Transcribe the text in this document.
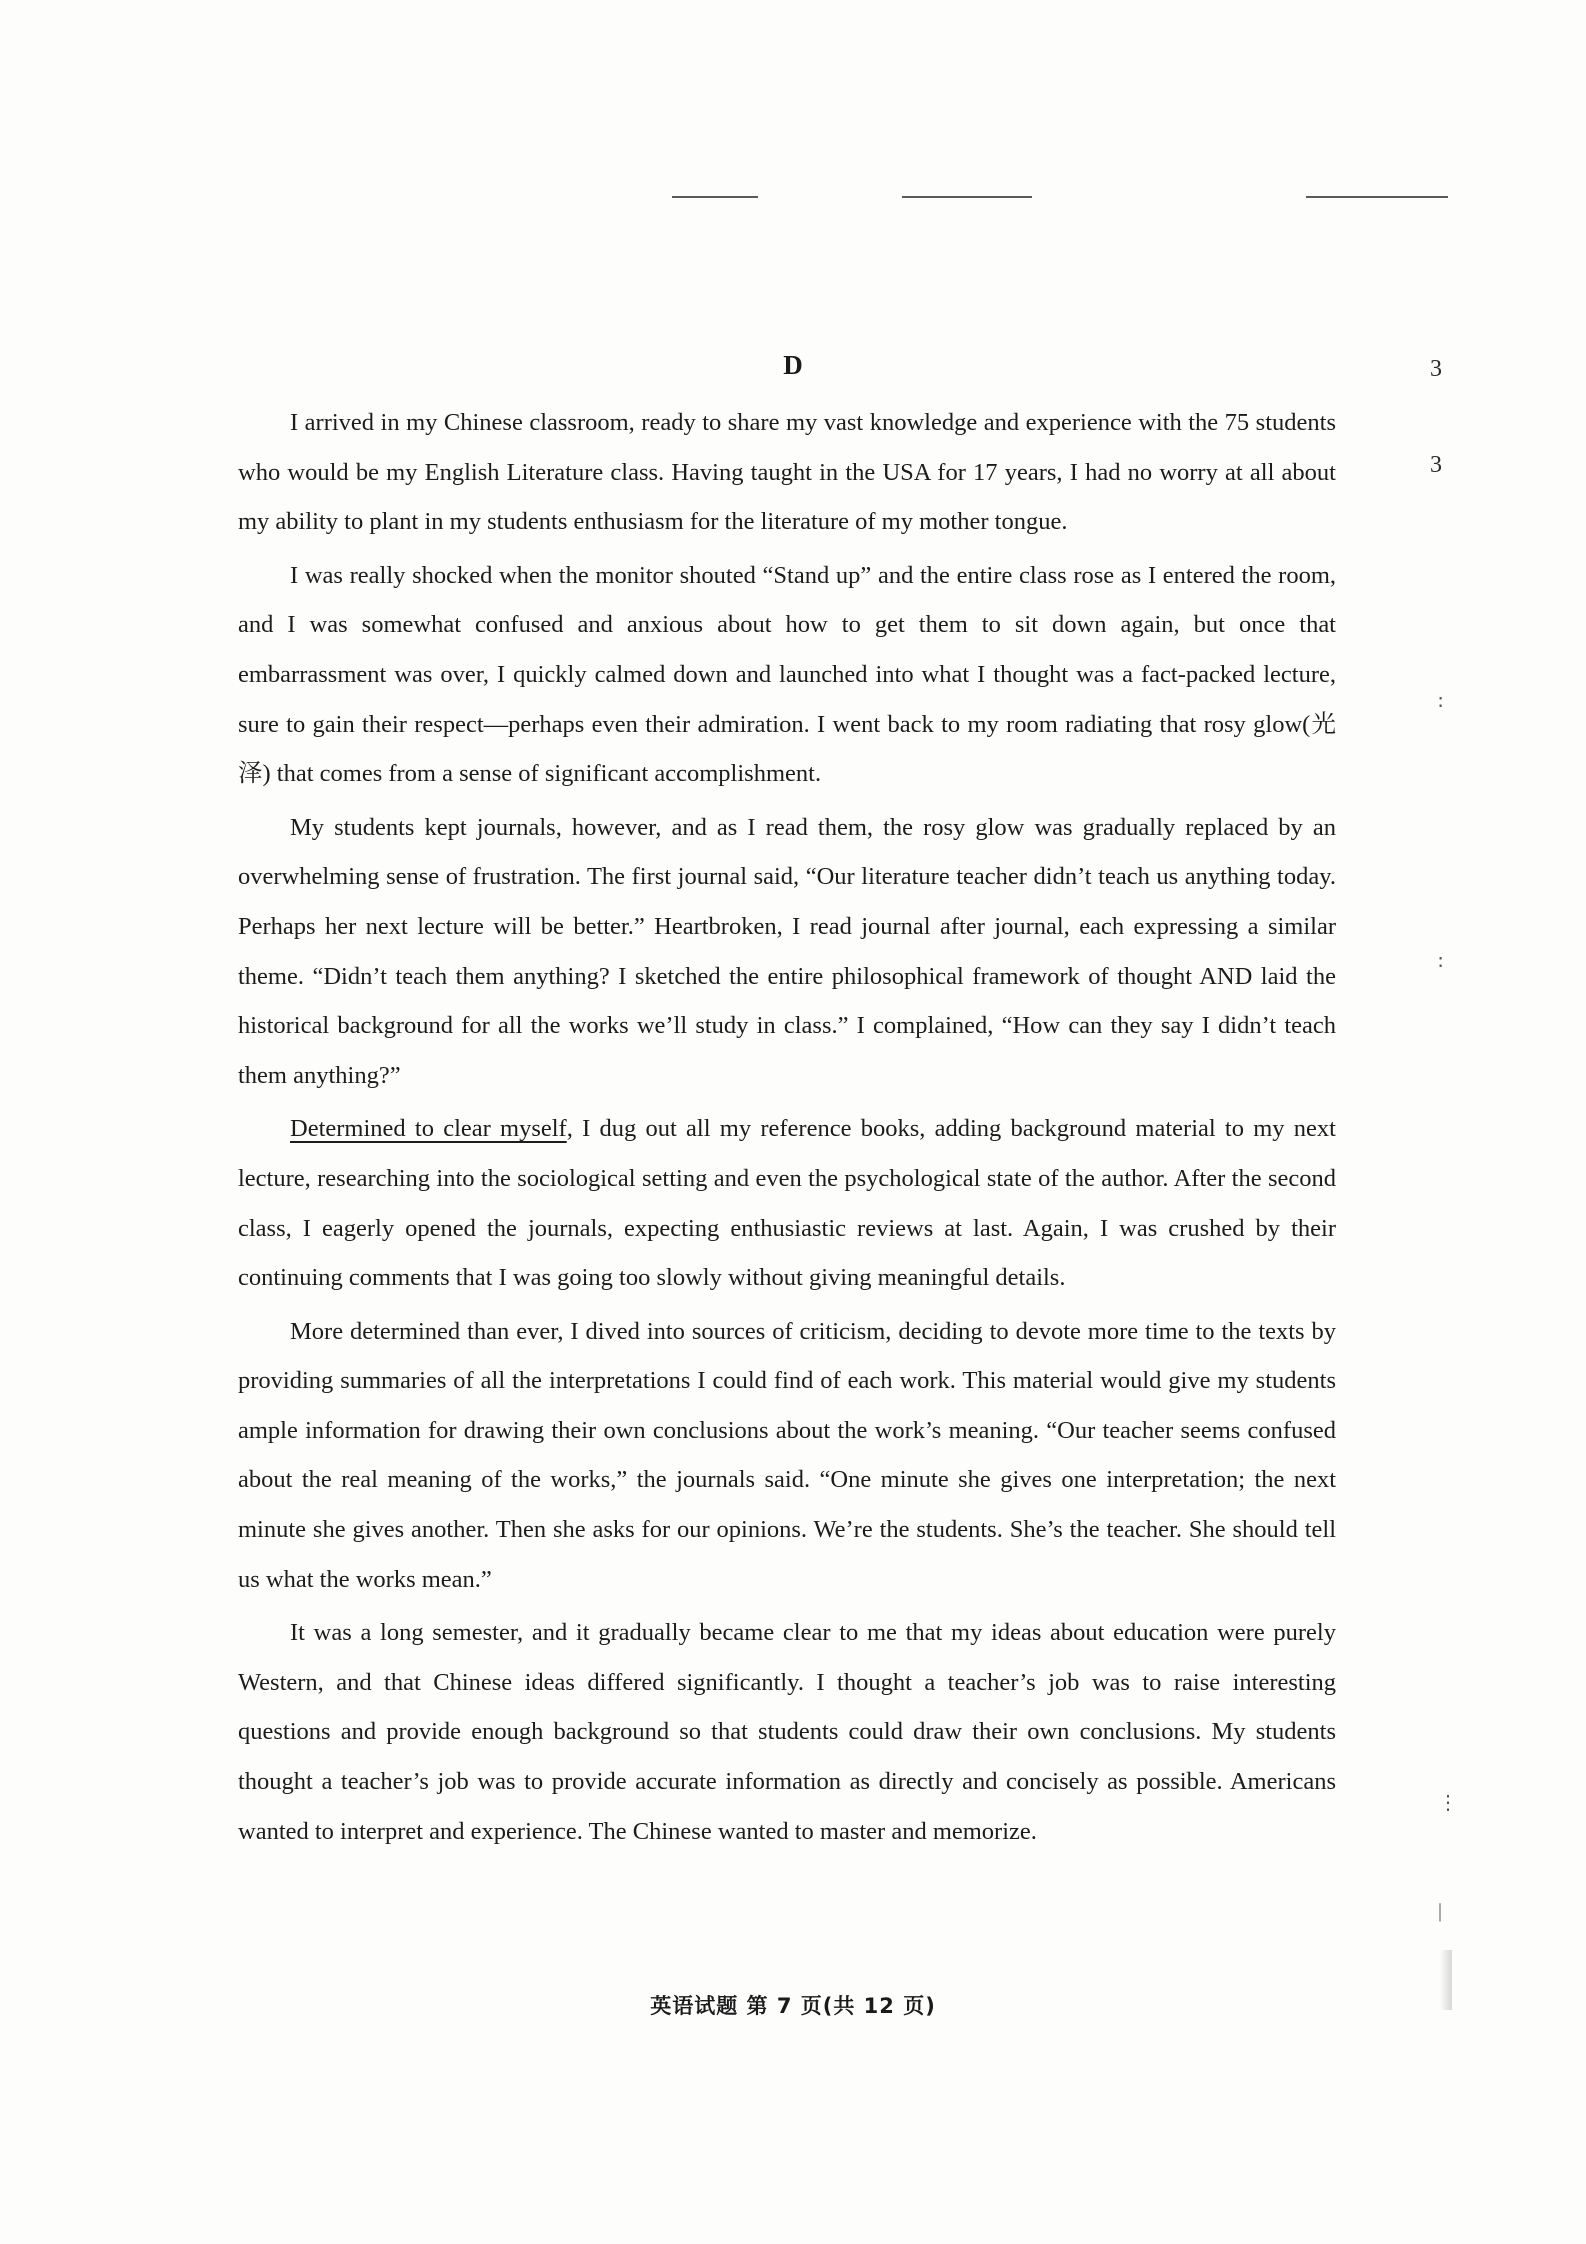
D

I arrived in my Chinese classroom, ready to share my vast knowledge and experience with the 75 students who would be my English Literature class. Having taught in the USA for 17 years, I had no worry at all about my ability to plant in my students enthusiasm for the literature of my mother tongue.

I was really shocked when the monitor shouted “Stand up” and the entire class rose as I entered the room, and I was somewhat confused and anxious about how to get them to sit down again, but once that embarrassment was over, I quickly calmed down and launched into what I thought was a fact-packed lecture, sure to gain their respect—perhaps even their admiration. I went back to my room radiating that rosy glow(光泽) that comes from a sense of significant accomplishment.

My students kept journals, however, and as I read them, the rosy glow was gradually replaced by an overwhelming sense of frustration. The first journal said, “Our literature teacher didn’t teach us anything today. Perhaps her next lecture will be better.” Heartbroken, I read journal after journal, each expressing a similar theme. “Didn’t teach them anything? I sketched the entire philosophical framework of thought AND laid the historical background for all the works we’ll study in class.” I complained, “How can they say I didn’t teach them anything?”

Determined to clear myself, I dug out all my reference books, adding background material to my next lecture, researching into the sociological setting and even the psychological state of the author. After the second class, I eagerly opened the journals, expecting enthusiastic reviews at last. Again, I was crushed by their continuing comments that I was going too slowly without giving meaningful details.

More determined than ever, I dived into sources of criticism, deciding to devote more time to the texts by providing summaries of all the interpretations I could find of each work. This material would give my students ample information for drawing their own conclusions about the work’s meaning. “Our teacher seems confused about the real meaning of the works,” the journals said. “One minute she gives one interpretation; the next minute she gives another. Then she asks for our opinions. We’re the students. She’s the teacher. She should tell us what the works mean.”

It was a long semester, and it gradually became clear to me that my ideas about education were purely Western, and that Chinese ideas differed significantly. I thought a teacher’s job was to raise interesting questions and provide enough background so that students could draw their own conclusions. My students thought a teacher’s job was to provide accurate information as directly and concisely as possible. Americans wanted to interpret and experience. The Chinese wanted to master and memorize.

3
3
∶
∶
⋮
|
英语试题 第 7 页(共 12 页)
